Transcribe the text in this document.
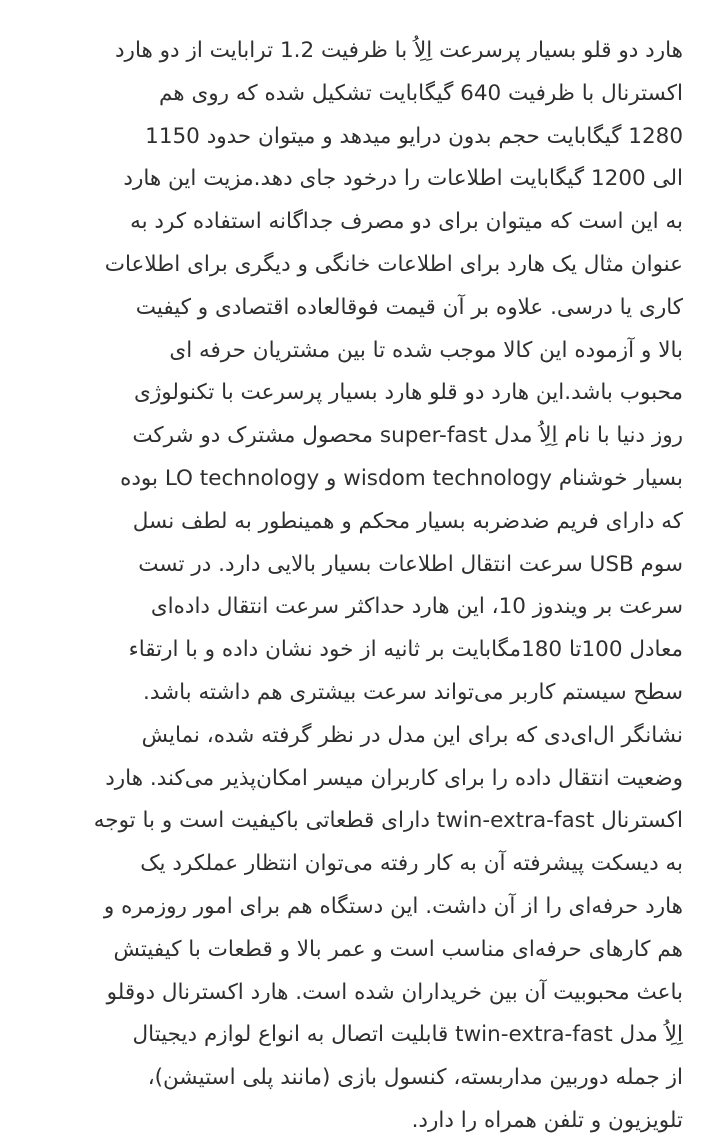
هارد دو قلو بسیار پرسرعت اِلِاُ با ظرفیت 1.2 ترابایت از دو هارد
اکسترنال با ظرفیت 640 گیگابایت تشکیل شده که روی هم
1280 گیگابایت حجم بدون درایو میدهد و میتوان حدود 1150
الی 1200 گیگابایت اطلاعات را درخود جای دهد.مزیت این هارد
به این است که میتوان برای دو مصرف جداگانه استفاده کرد به
عنوان مثال یک هارد برای اطلاعات خانگی و دیگری برای اطلاعات
کاری یا درسی. علاوه بر آن قیمت فوقالعاده اقتصادی و کیفیت
بالا و آزموده این کالا موجب شده تا بین مشتریان حرفه ای
محبوب باشد.این هارد دو قلو هارد بسیار پرسرعت با تکنولوژی
روز دنیا با نام اِلِاُ مدل super-fast محصول مشترک دو شرکت
بسیار خوشنام wisdom technology و LO technology بوده
که دارای فریم ضدضربه بسیار محکم و همینطور به لطف نسل
سوم USB سرعت انتقال اطلاعات بسیار بالایی دارد. در تست
سرعت بر ویندوز 10، این هارد حداکثر سرعت انتقال داده‌ای
معادل 100تا 180مگابایت بر ثانیه از خود نشان داده و با ارتقاء
سطح سیستم کاربر می‌تواند سرعت بیشتری هم داشته باشد.
نشانگر ال‌ای‌دی که برای این مدل در نظر گرفته شده، نمایش
وضعیت انتقال داده را برای کاربران میسر امکان‌پذیر می‌کند. هارد
اکسترنال twin-extra-fast دارای قطعاتی باکیفیت است و با توجه
به دیسکت پیشرفته آن به کار رفته می‌توان انتظار عملکرد یک
هارد حرفه‌ای را از آن داشت. این دستگاه هم برای امور روزمره و
هم کارهای حرفه‌ای مناسب است و عمر بالا و قطعات با کیفیتش
باعث محبوبیت آن بین خریداران شده است. هارد اکسترنال دوقلو
اِلِاُ مدل twin-extra-fast قابلیت اتصال به انواع لوازم دیجیتال
از جمله دوربین مداربسته، کنسول بازی (مانند پلی استیشن)،
تلویزیون و تلفن همراه را دارد.
